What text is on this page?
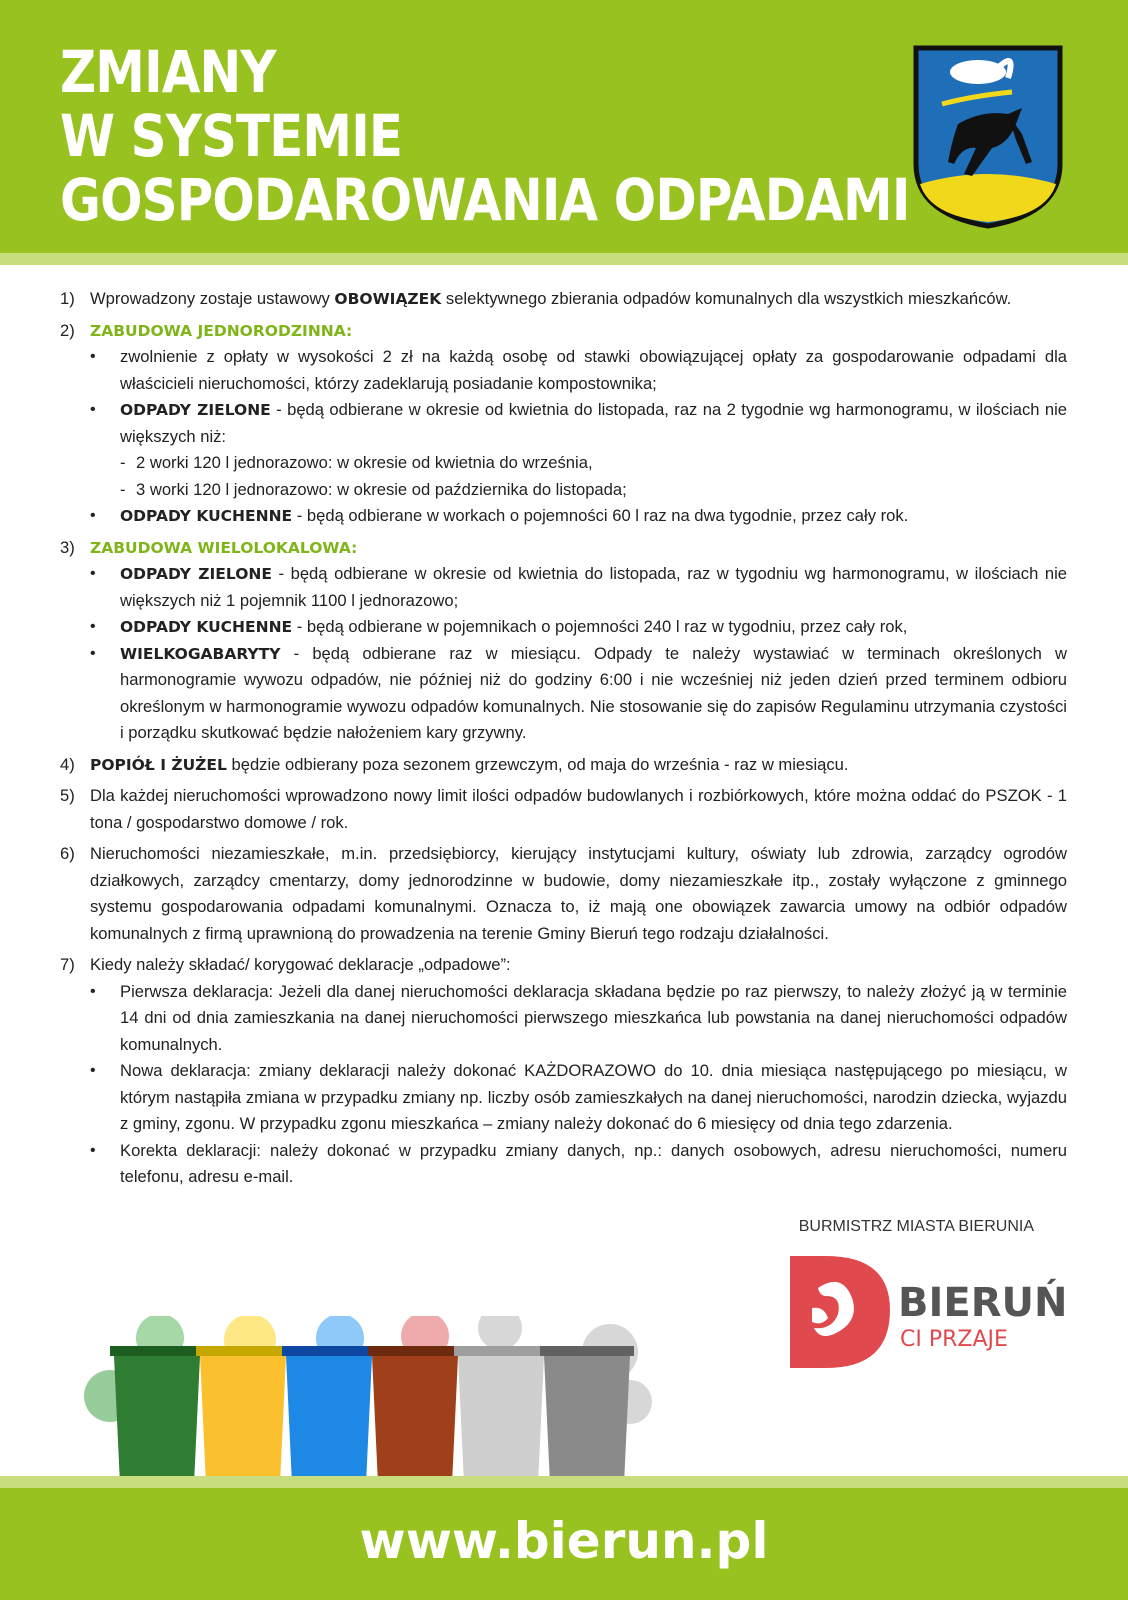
ZMIANY
W SYSTEMIE
GOSPODAROWANIA ODPADAMI
1) Wprowadzony zostaje ustawowy OBOWIĄZEK selektywnego zbierania odpadów komunalnych dla wszystkich mieszkańców.
2) ZABUDOWA JEDNORODZINNA:
•	zwolnienie z opłaty w wysokości 2 zł na każdą osobę od stawki obowiązującej opłaty za gospodarowanie odpadami dla właścicieli nieruchomości, którzy zadeklarują posiadanie kompostownika;
•	ODPADY ZIELONE - będą odbierane w okresie od kwietnia do listopada, raz na 2 tygodnie wg harmonogramu, w ilościach nie większych niż:
- 2 worki 120 l jednorazowo: w okresie od kwietnia do września,
- 3 worki 120 l jednorazowo: w okresie od października do listopada;
•	ODPADY KUCHENNE - będą odbierane w workach o pojemności 60 l raz na dwa tygodnie, przez cały rok.
3) ZABUDOWA WIELOLOKALOWA:
•	ODPADY ZIELONE - będą odbierane w okresie od kwietnia do listopada, raz w tygodniu wg harmonogramu, w ilościach nie większych niż 1 pojemnik 1100 l jednorazowo;
•	ODPADY KUCHENNE - będą odbierane w pojemnikach o pojemności 240 l raz w tygodniu, przez cały rok,
•	WIELKOGABARYTY - będą odbierane raz w miesiącu. Odpady te należy wystawiać w terminach określonych w harmonogramie wywozu odpadów, nie później niż do godziny 6:00 i nie wcześniej niż jeden dzień przed terminem odbioru określonym w harmonogramie wywozu odpadów komunalnych. Nie stosowanie się do zapisów Regulaminu utrzymania czystości i porządku skutkować będzie nałożeniem kary grzywny.
4) POPIÓŁ I ŻUŻEL będzie odbierany poza sezonem grzewczym, od maja do września - raz w miesiącu.
5) Dla każdej nieruchomości wprowadzono nowy limit ilości odpadów budowlanych i rozbiórkowych, które można oddać do PSZOK - 1 tona / gospodarstwo domowe / rok.
6) Nieruchomości niezamieszkałe, m.in. przedsiębiorcy, kierujący instytucjami kultury, oświaty lub zdrowia, zarządcy ogrodów działkowych, zarządcy cmentarzy, domy jednorodzinne w budowie, domy niezamieszkałe itp., zostały wyłączone z gminnego systemu gospodarowania odpadami komunalnymi. Oznacza to, iż mają one obowiązek zawarcia umowy na odbiór odpadów komunalnych z firmą uprawnioną do prowadzenia na terenie Gminy Bieruń tego rodzaju działalności.
7) Kiedy należy składać/ korygować deklaracje „odpadowe”:
•	Pierwsza deklaracja: Jeżeli dla danej nieruchomości deklaracja składana będzie po raz pierwszy, to należy złożyć ją w terminie 14 dni od dnia zamieszkania na danej nieruchomości pierwszego mieszkańca lub powstania na danej nieruchomości odpadów komunalnych.
•	Nowa deklaracja: zmiany deklaracji należy dokonać KAŻDORAZOWO do 10. dnia miesiąca następującego po miesiącu, w którym nastąpiła zmiana w przypadku zmiany np. liczby osób zamieszkałych na danej nieruchomości, narodzin dziecka, wyjazdu z gminy, zgonu. W przypadku zgonu mieszkańca – zmiany należy dokonać do 6 miesięcy od dnia tego zdarzenia.
•	Korekta deklaracji: należy dokonać w przypadku zmiany danych, np.: danych osobowych, adresu nieruchomości, numeru telefonu, adresu e-mail.
BURMISTRZ MIASTA BIERUNIA
BIERUŃ
CI PRZAJE
www.bierun.pl
